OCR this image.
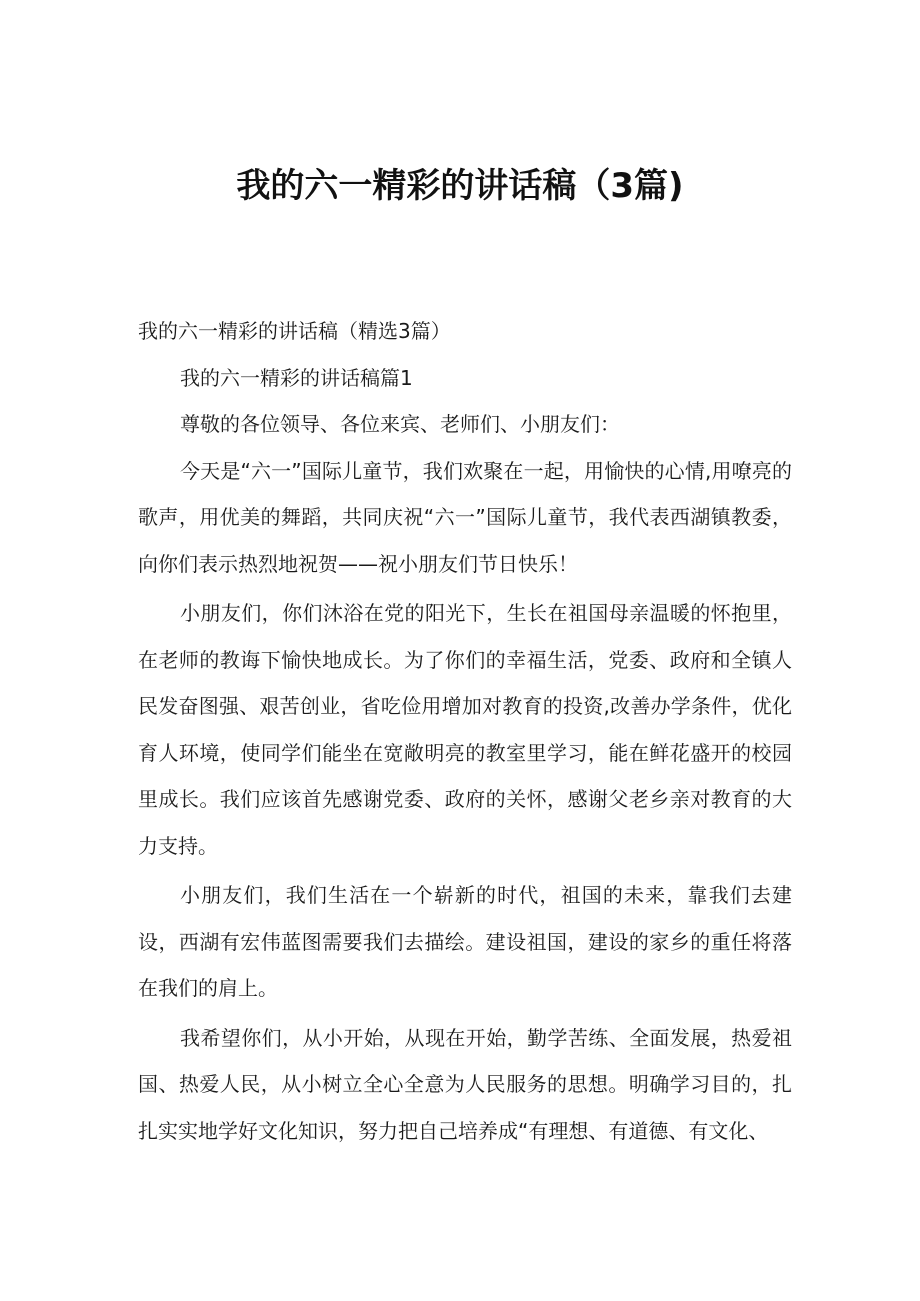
我的六一精彩的讲话稿（3篇)

我的六一精彩的讲话稿（精选3篇）

我的六一精彩的讲话稿篇1

尊敬的各位领导、各位来宾、老师们、小朋友们：

今天是“六一”国际儿童节，我们欢聚在一起，用愉快的心情,用嘹亮的歌声，用优美的舞蹈，共同庆祝“六一”国际儿童节，我代表西湖镇教委，向你们表示热烈地祝贺——祝小朋友们节日快乐！

小朋友们，你们沐浴在党的阳光下，生长在祖国母亲温暖的怀抱里，在老师的教诲下愉快地成长。为了你们的幸福生活，党委、政府和全镇人民发奋图强、艰苦创业，省吃俭用增加对教育的投资,改善办学条件，优化育人环境，使同学们能坐在宽敞明亮的教室里学习，能在鲜花盛开的校园里成长。我们应该首先感谢党委、政府的关怀，感谢父老乡亲对教育的大力支持。

小朋友们，我们生活在一个崭新的时代，祖国的未来，靠我们去建设，西湖有宏伟蓝图需要我们去描绘。建设祖国，建设的家乡的重任将落在我们的肩上。

我希望你们，从小开始，从现在开始，勤学苦练、全面发展，热爱祖国、热爱人民，从小树立全心全意为人民服务的思想。明确学习目的，扎扎实实地学好文化知识，努力把自己培养成“有理想、有道德、有文化、
